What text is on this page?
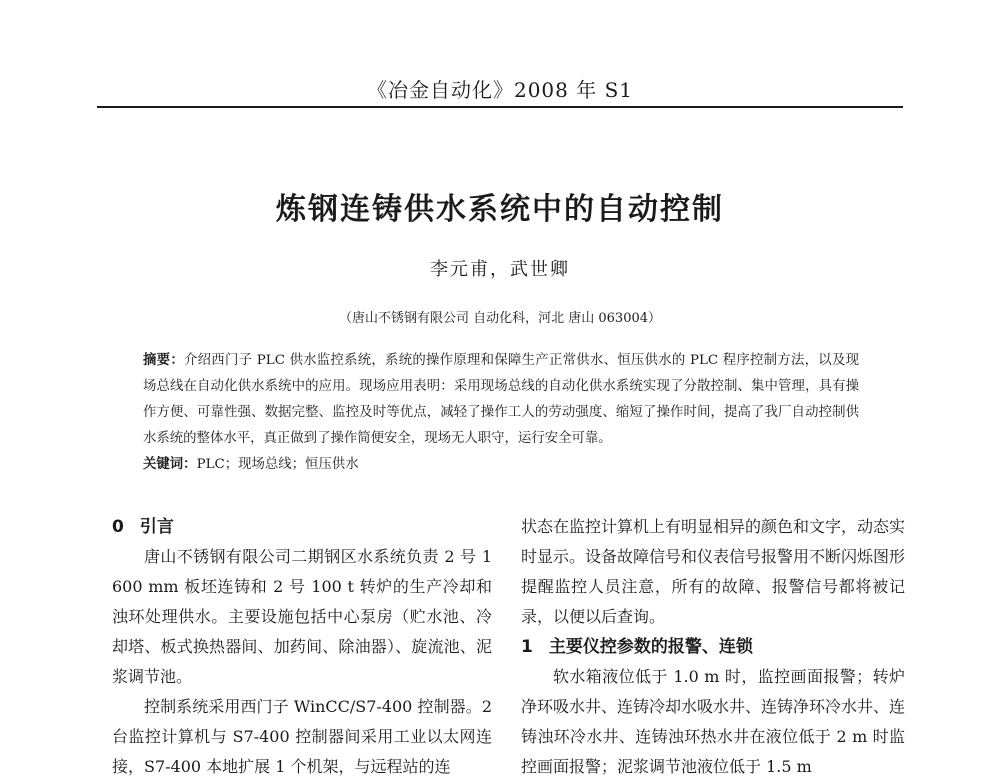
《冶金自动化》2008 年 S1
炼钢连铸供水系统中的自动控制
李元甫，武世卿
（唐山不锈钢有限公司 自动化科，河北 唐山 063004）

摘要：介绍西门子 PLC 供水监控系统，系统的操作原理和保障生产正常供水、恒压供水的 PLC 程序控制方法，以及现场总线在自动化供水系统中的应用。现场应用表明：采用现场总线的自动化供水系统实现了分散控制、集中管理，具有操作方便、可靠性强、数据完整、监控及时等优点，减轻了操作工人的劳动强度、缩短了操作时间，提高了我厂自动控制供水系统的整体水平，真正做到了操作简便安全，现场无人职守，运行安全可靠。

关键词：PLC；现场总线；恒压供水

0 引言

唐山不锈钢有限公司二期钢区水系统负责 2 号 1 600 mm 板坯连铸和 2 号 100 t 转炉的生产冷却和浊环处理供水。主要设施包括中心泵房（贮水池、冷却塔、板式换热器间、加药间、除油器）、旋流池、泥浆调节池。

控制系统采用西门子 WinCC/S7-400 控制器。2 台监控计算机与 S7-400 控制器间采用工业以太网连接，S7-400 本地扩展 1 个机架，与远程站的连

状态在监控计算机上有明显相异的颜色和文字，动态实时显示。设备故障信号和仪表信号报警用不断闪烁图形提醒监控人员注意，所有的故障、报警信号都将被记录，以便以后查询。

1 主要仪控参数的报警、连锁

软水箱液位低于 1.0 m 时，监控画面报警；转炉净环吸水井、连铸冷却水吸水井、连铸净环冷水井、连铸浊环冷水井、连铸浊环热水井在液位低于 2 m 时监控画面报警；泥浆调节池液位低于 1.5 m
